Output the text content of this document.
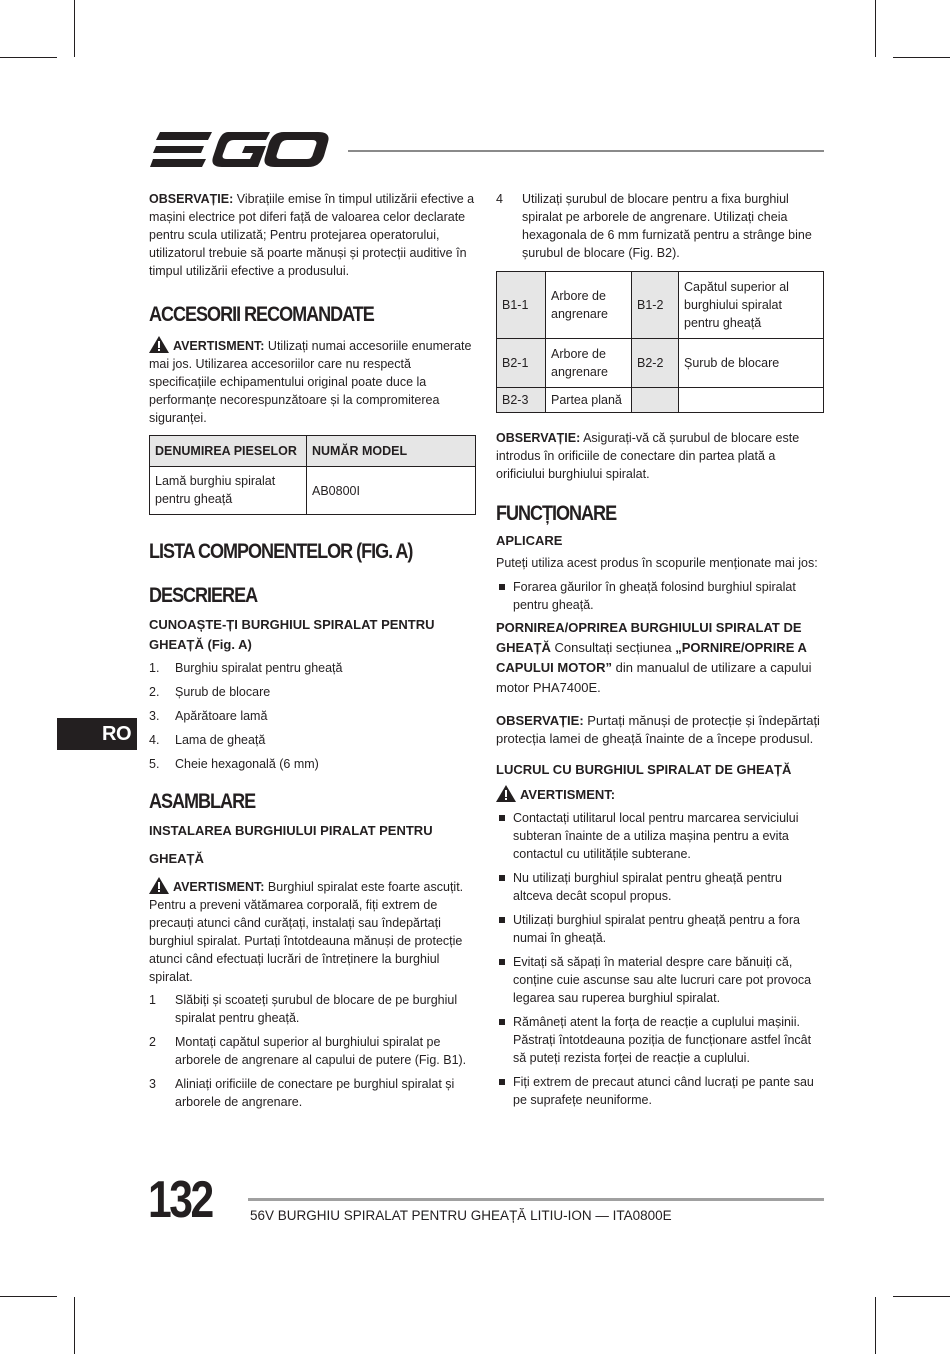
OBSERVAȚIE: Vibrațiile emise în timpul utilizării efective a mașini electrice pot diferi față de valoarea celor declarate pentru scula utilizată; Pentru protejarea operatorului, utilizatorul trebuie să poarte mănuși și protecții auditive în timpul utilizării efective a produsului.

ACCESORII RECOMANDATE

AVERTISMENT: Utilizați numai accesoriile enumerate mai jos. Utilizarea accesoriilor care nu respectă specificațiile echipamentului original poate duce la performanțe necorespunzătoare și la compromiterea siguranței.

DENUMIREA PIESELOR	NUMĂR MODEL
Lamă burghiu spiralat pentru gheață	AB0800I
LISTA COMPONENTELOR (FIG. A)
DESCRIEREA

CUNOAȘTE-ȚI BURGHIUL SPIRALAT PENTRU GHEAȚĂ (Fig. A)

1. Burghiu spiralat pentru gheață
2. Șurub de blocare
3. Apărătoare lamă
4. Lama de gheață
5. Cheie hexagonală (6 mm)
ASAMBLARE

INSTALAREA BURGHIULUI PIRALAT PENTRU

GHEAȚĂ

AVERTISMENT: Burghiul spiralat este foarte ascuțit. Pentru a preveni vătămarea corporală, fiți extrem de precauți atunci când curățați, instalați sau îndepărtați burghiul spiralat. Purtați întotdeauna mănuși de protecție atunci când efectuați lucrări de întreținere la burghiul spiralat.

1 Slăbiți și scoateți șurubul de blocare de pe burghiul spiralat pentru gheață.
2 Montați capătul superior al burghiului spiralat pe arborele de angrenare al capului de putere (Fig. B1).
3 Aliniați orificiile de conectare pe burghiul spiralat și arborele de angrenare.
4 Utilizați șurubul de blocare pentru a fixa burghiul spiralat pe arborele de angrenare. Utilizați cheia hexagonala de 6 mm furnizată pentru a strânge bine șurubul de blocare (Fig. B2).
B1-1	Arbore de angrenare	B1-2	Capătul superior al burghiului spiralat pentru gheață
B2-1	Arbore de angrenare	B2-2	Șurub de blocare
B2-3	Partea plană		

OBSERVAȚIE: Asigurați-vă că șurubul de blocare este introdus în orificiile de conectare din partea plată a orificiului burghiului spiralat.

FUNCȚIONARE

APLICARE

Puteți utiliza acest produs în scopurile menționate mai jos:

Forarea găurilor în gheață folosind burghiul spiralat pentru gheață.

PORNIREA/OPRIREA BURGHIULUI SPIRALAT DE GHEAȚĂ Consultați secțiunea „PORNIRE/OPRIRE A CAPULUI MOTOR” din manualul de utilizare a capului motor PHA7400E.

OBSERVAȚIE: Purtați mănuși de protecție și îndepărtați protecția lamei de gheață înainte de a începe produsul.

LUCRUL CU BURGHIUL SPIRALAT DE GHEAȚĂ

AVERTISMENT:

Contactați utilitarul local pentru marcarea serviciului subteran înainte de a utiliza mașina pentru a evita contactul cu utilitățile subterane.
Nu utilizați burghiul spiralat pentru gheață pentru altceva decât scopul propus.
Utilizați burghiul spiralat pentru gheață pentru a fora numai în gheață.
Evitați să săpați în material despre care bănuiți că, conține cuie ascunse sau alte lucruri care pot provoca legarea sau ruperea burghiul spiralat.
Rămâneți atent la forța de reacție a cuplului mașinii. Păstrați întotdeauna poziția de funcționare astfel încât să puteți rezista forței de reacție a cuplului.
Fiți extrem de precaut atunci când lucrați pe pante sau pe suprafețe neuniforme.
RO
132	56V BURGHIU SPIRALAT PENTRU GHEAȚĂ LITIU-ION — ITA0800E
